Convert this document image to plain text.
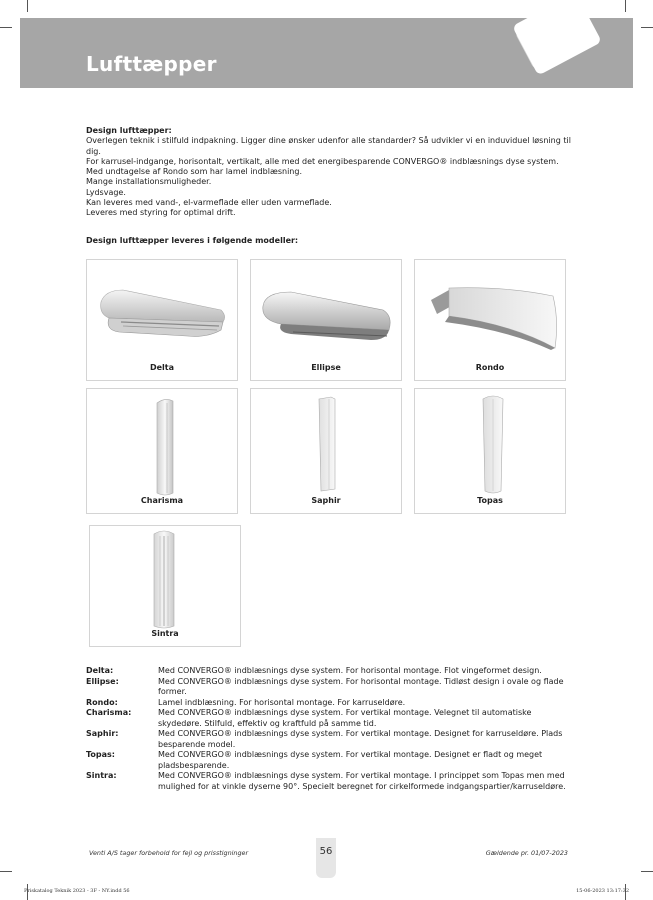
Lufttæpper

Design lufttæpper:

Overlegen teknik i stilfuld indpakning. Ligger dine ønsker udenfor alle standarder? Så udvikler vi en induviduel løsning til dig.

For karrusel-indgange, horisontalt, vertikalt, alle med det energibesparende CONVERGO® indblæsnings dyse system.

Med undtagelse af Rondo som har lamel indblæsning.

Mange installationsmuligheder.

Lydsvage.

Kan leveres med vand-, el-varmeflade eller uden varmeflade.

Leveres med styring for optimal drift.

Design lufttæpper leveres i følgende modeller:
Delta	Ellipse	Rondo
Charisma	Saphir	Topas
Sintra
Delta:	Med CONVERGO® indblæsnings dyse system. For horisontal montage. Flot vingeformet design.
Ellipse:	Med CONVERGO® indblæsnings dyse system. For horisontal montage. Tidløst design i ovale og flade former.
Rondo:	Lamel indblæsning. For horisontal montage. For karruseldøre.
Charisma:	Med CONVERGO® indblæsnings dyse system. For vertikal montage. Velegnet til automatiske skydedøre. Stilfuld, effektiv og kraftfuld på samme tid.
Saphir:	Med CONVERGO® indblæsnings dyse system. For vertikal montage. Designet for karruseldøre. Plads besparende model.
Topas:	Med CONVERGO® indblæsnings dyse system. For vertikal montage. Designet er fladt og meget pladsbesparende.
Sintra:	Med CONVERGO® indblæsnings dyse system. For vertikal montage. I princippet som Topas men med mulighed for at vinkle dyserne 90°. Specielt beregnet for cirkelformede indgangspartier/karruseldøre.
Venti A/S tager forbehold for fejl og prisstigninger	56	Gældende pr. 01/07-2023
Priskatalog Teknik 2023 - 3F - NY.indd 56	15-06-2023 13:17:32
